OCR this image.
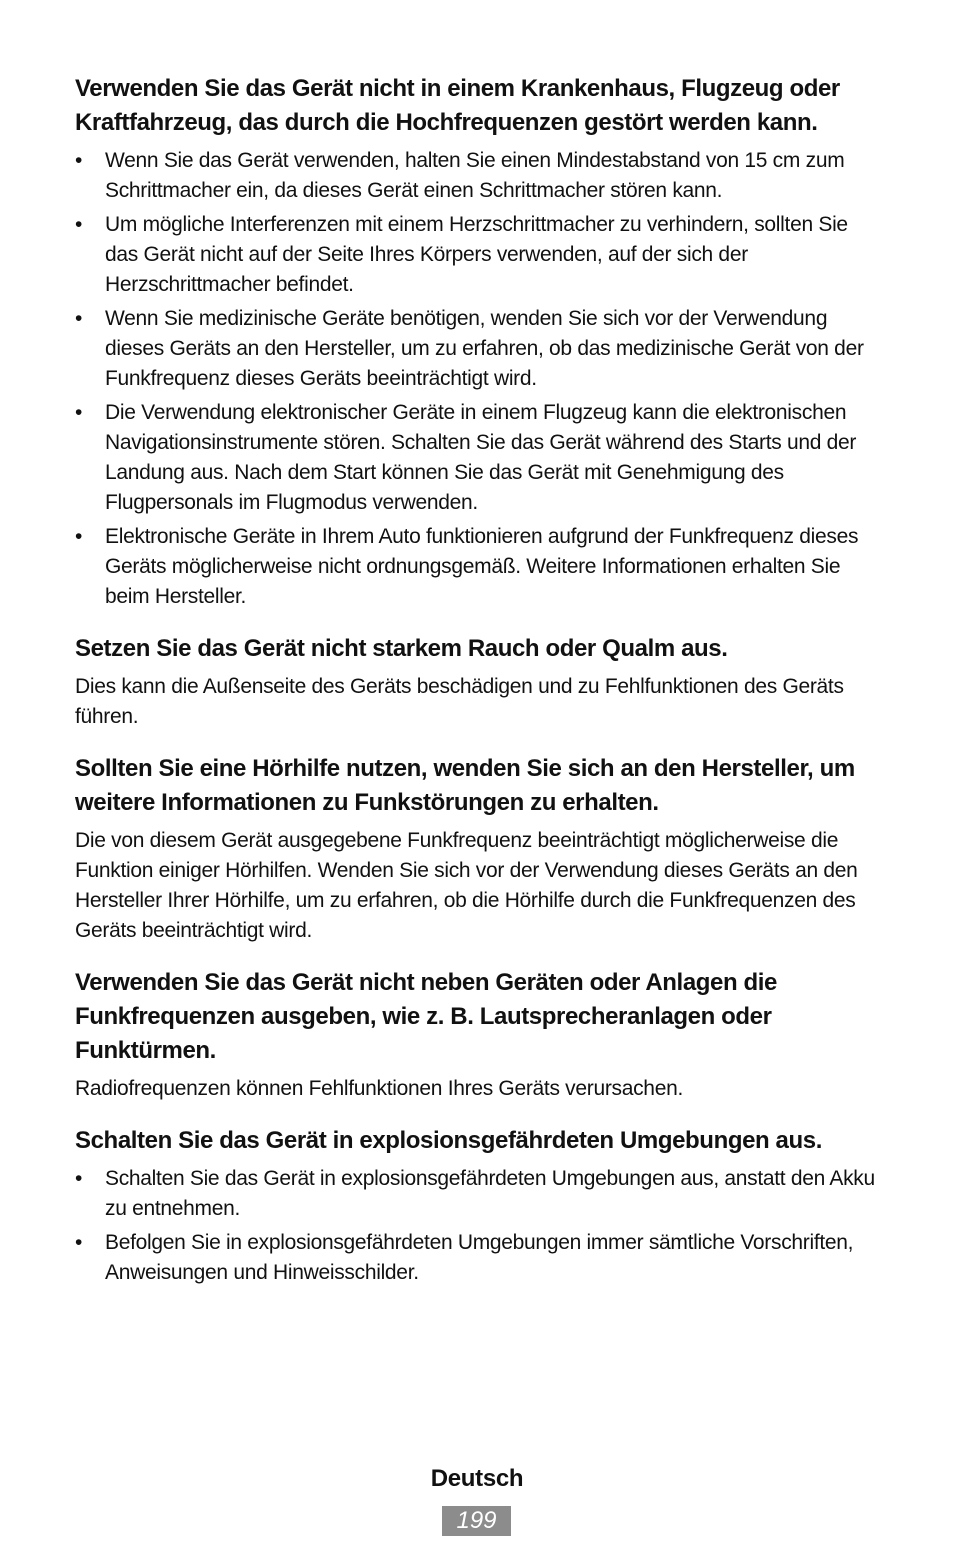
Verwenden Sie das Gerät nicht in einem Krankenhaus, Flugzeug oder Kraftfahrzeug, das durch die Hochfrequenzen gestört werden kann.
•	Wenn Sie das Gerät verwenden, halten Sie einen Mindestabstand von 15 cm zum Schrittmacher ein, da dieses Gerät einen Schrittmacher stören kann.
•	Um mögliche Interferenzen mit einem Herzschrittmacher zu verhindern, sollten Sie das Gerät nicht auf der Seite Ihres Körpers verwenden, auf der sich der Herzschrittmacher befindet.
•	Wenn Sie medizinische Geräte benötigen, wenden Sie sich vor der Verwendung dieses Geräts an den Hersteller, um zu erfahren, ob das medizinische Gerät von der Funkfrequenz dieses Geräts beeinträchtigt wird.
•	Die Verwendung elektronischer Geräte in einem Flugzeug kann die elektronischen Navigationsinstrumente stören. Schalten Sie das Gerät während des Starts und der Landung aus. Nach dem Start können Sie das Gerät mit Genehmigung des Flugpersonals im Flugmodus verwenden.
•	Elektronische Geräte in Ihrem Auto funktionieren aufgrund der Funkfrequenz dieses Geräts möglicherweise nicht ordnungsgemäß. Weitere Informationen erhalten Sie beim Hersteller.
Setzen Sie das Gerät nicht starkem Rauch oder Qualm aus.

Dies kann die Außenseite des Geräts beschädigen und zu Fehlfunktionen des Geräts führen.

Sollten Sie eine Hörhilfe nutzen, wenden Sie sich an den Hersteller, um weitere Informationen zu Funkstörungen zu erhalten.

Die von diesem Gerät ausgegebene Funkfrequenz beeinträchtigt möglicherweise die Funktion einiger Hörhilfen. Wenden Sie sich vor der Verwendung dieses Geräts an den Hersteller Ihrer Hörhilfe, um zu erfahren, ob die Hörhilfe durch die Funkfrequenzen des Geräts beeinträchtigt wird.

Verwenden Sie das Gerät nicht neben Geräten oder Anlagen die Funkfrequenzen ausgeben, wie z. B. Lautsprecheranlagen oder Funktürmen.

Radiofrequenzen können Fehlfunktionen Ihres Geräts verursachen.

Schalten Sie das Gerät in explosionsgefährdeten Umgebungen aus.
•	Schalten Sie das Gerät in explosionsgefährdeten Umgebungen aus, anstatt den Akku zu entnehmen.
•	Befolgen Sie in explosionsgefährdeten Umgebungen immer sämtliche Vorschriften, Anweisungen und Hinweisschilder.
Deutsch
199
